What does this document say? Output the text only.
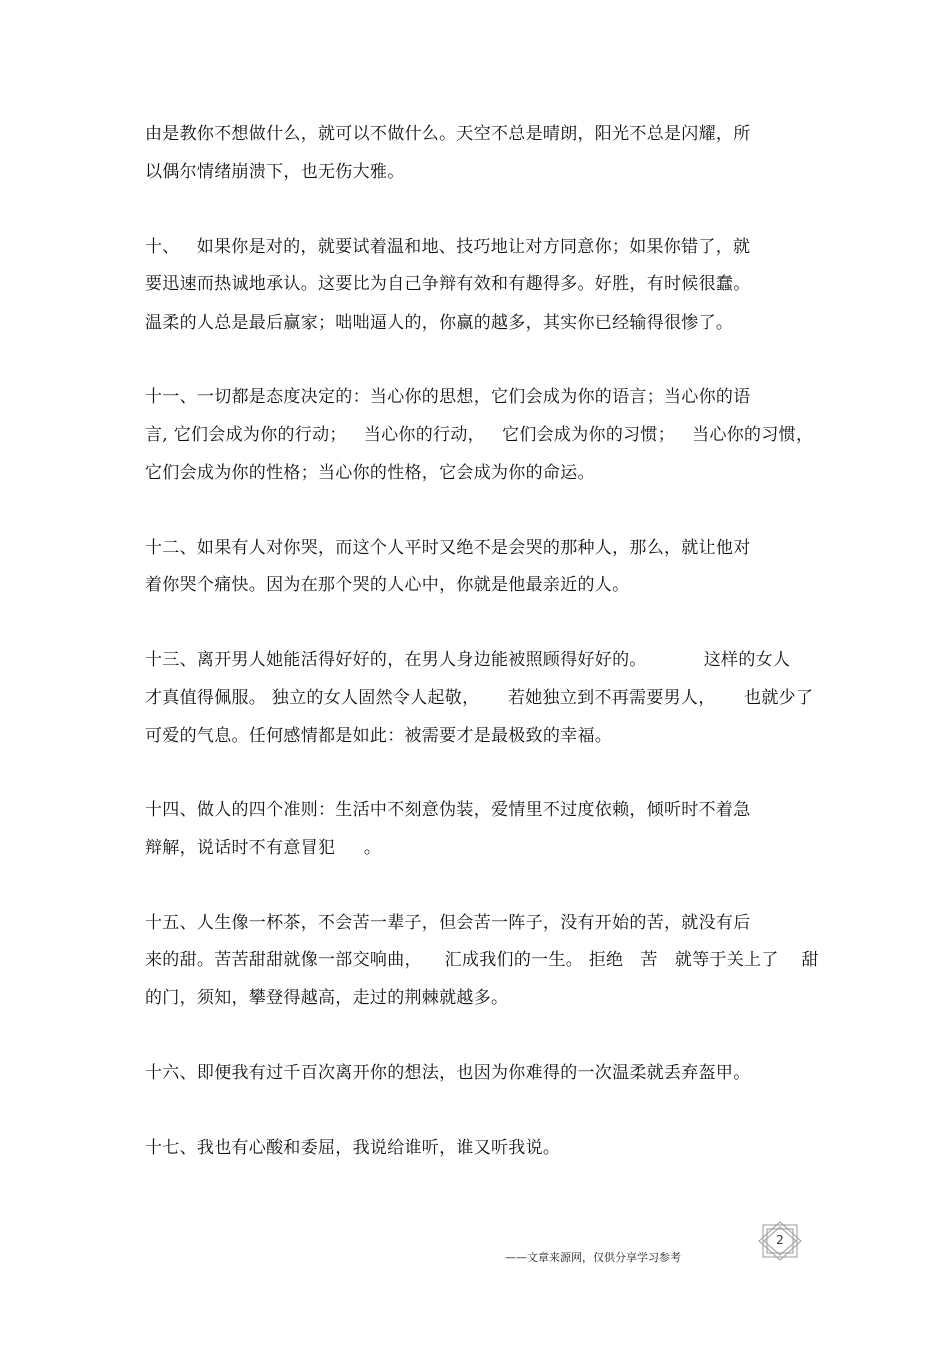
由是教你不想做什么，就可以不做什么。天空不总是晴朗，阳光不总是闪耀，所
以偶尔情绪崩溃下，也无伤大雅。
十、   如果你是对的，就要试着温和地、技巧地让对方同意你；如果你错了，就
要迅速而热诚地承认。这要比为自己争辩有效和有趣得多。好胜，有时候很蠢。
温柔的人总是最后赢家；咄咄逼人的，你赢的越多，其实你已经输得很惨了。
十一、一切都是态度决定的：当心你的思想，它们会成为你的语言；当心你的语
言, 它们会成为你的行动；   当心你的行动，   它们会成为你的习惯；   当心你的习惯，
它们会成为你的性格；当心你的性格，它会成为你的命运。
十二、如果有人对你哭，而这个人平时又绝不是会哭的那种人，那么，就让他对
着你哭个痛快。因为在那个哭的人心中，你就是他最亲近的人。
十三、离开男人她能活得好好的，在男人身边能被照顾得好好的。          这样的女人
才真值得佩服。 独立的女人固然令人起敬，     若她独立到不再需要男人，     也就少了
可爱的气息。任何感情都是如此：被需要才是最极致的幸福。
十四、做人的四个准则：生活中不刻意伪装，爱情里不过度依赖，倾听时不着急
辩解，说话时不有意冒犯     。
十五、人生像一杯茶，不会苦一辈子，但会苦一阵子，没有开始的苦，就没有后
来的甜。苦苦甜甜就像一部交响曲，    汇成我们的一生。 拒绝   苦   就等于关上了    甜
的门，须知，攀登得越高，走过的荆棘就越多。
十六、即便我有过千百次离开你的想法，也因为你难得的一次温柔就丢弃盔甲。
十七、我也有心酸和委屈，我说给谁听，谁又听我说。
——文章来源网，仅供分享学习参考
2
